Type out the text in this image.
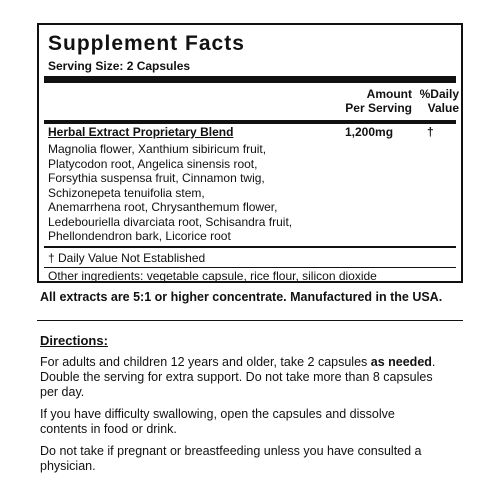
Supplement Facts
Serving Size: 2 Capsules
Amount
Per Serving
%Daily
Value
Herbal Extract Proprietary Blend	1,200mg	†
Magnolia flower, Xanthium sibiricum fruit,
Platycodon root, Angelica sinensis root,
Forsythia suspensa fruit, Cinnamon twig,
Schizonepeta tenuifolia stem,
Anemarrhena root, Chrysanthemum flower,
Ledebouriella divarciata root, Schisandra fruit,
Phellondendron bark, Licorice root
† Daily Value Not Established
Other ingredients: vegetable capsule, rice flour, silicon dioxide
All extracts are 5:1 or higher concentrate. Manufactured in the USA.
Directions:
For adults and children 12 years and older, take 2 capsules as needed.
Double the serving for extra support. Do not take more than 8 capsules
per day.
If you have difficulty swallowing, open the capsules and dissolve
contents in food or drink.
Do not take if pregnant or breastfeeding unless you have consulted a
physician.
